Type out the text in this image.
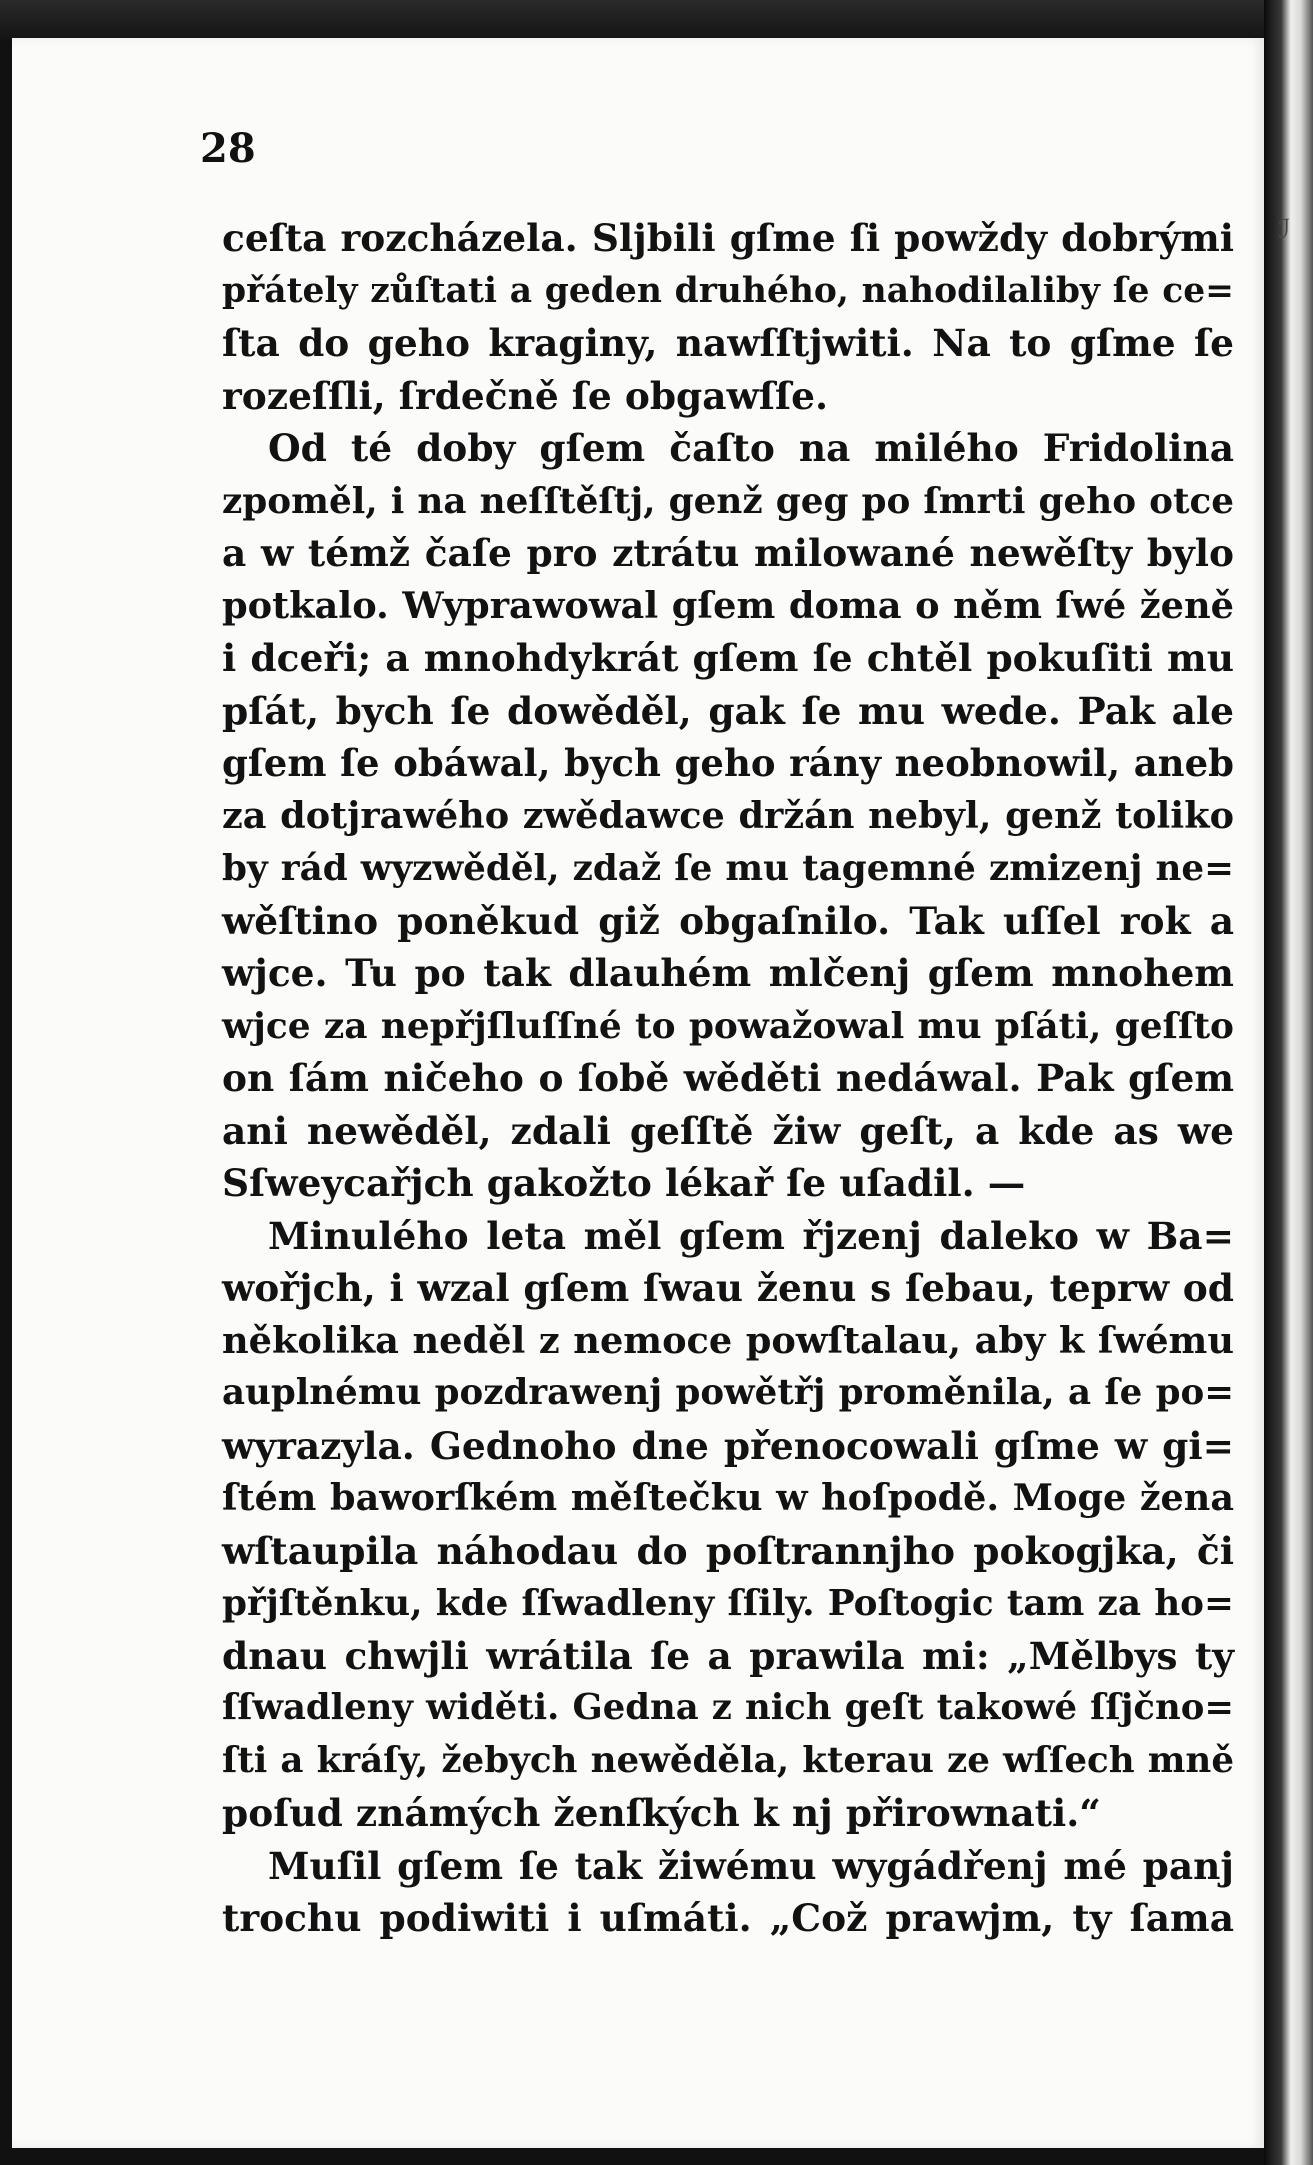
ℐ
28
ceſta rozcházela. Sljbili gſme ſi powždy dobrými
přátely zůſtati a geden druhého, nahodilaliby ſe ce=
ſta do geho kraginy, nawſſtjwiti. Na to gſme ſe
rozeſſli, ſrdečně ſe obgawſſe.
Od té doby gſem čaſto na milého Fridolina
zpoměl, i na neſſtěſtj, genž geg po ſmrti geho otce
a w témž čaſe pro ztrátu milowané newěſty bylo
potkalo. Wyprawowal gſem doma o něm ſwé ženě
i dceři; a mnohdykrát gſem ſe chtěl pokuſiti mu
pſát, bych ſe dowěděl, gak ſe mu wede. Pak ale
gſem ſe obáwal, bych geho rány neobnowil, aneb
za dotjrawého zwědawce držán nebyl, genž toliko
by rád wyzwěděl, zdaž ſe mu tagemné zmizenj ne=
wěſtino poněkud giž obgaſnilo. Tak uſſel rok a
wjce. Tu po tak dlauhém mlčenj gſem mnohem
wjce za nepřjſluſſné to powažowal mu pſáti, geſſto
on ſám ničeho o ſobě wěděti nedáwal. Pak gſem
ani newěděl, zdali geſſtě žiw geſt, a kde as we
Sſweycařjch gakožto lékař ſe uſadil. —
Minulého leta měl gſem řjzenj daleko w Ba=
wořjch, i wzal gſem ſwau ženu s ſebau, teprw od
několika neděl z nemoce powſtalau, aby k ſwému
auplnému pozdrawenj powětřj proměnila, a ſe po=
wyrazyla. Gednoho dne přenocowali gſme w gi=
ſtém baworſkém měſtečku w hoſpodě. Moge žena
wſtaupila náhodau do poſtrannjho pokogjka, či
přjſtěnku, kde ſſwadleny ſſily. Poſtogic tam za ho=
dnau chwjli wrátila ſe a prawila mi: „Mělbys ty
ſſwadleny widěti. Gedna z nich geſt takowé ſſjčno=
ſti a kráſy, žebych newěděla, kterau ze wſſech mně
poſud známých ženſkých k nj přirownati.“
Muſil gſem ſe tak žiwému wygádřenj mé panj
trochu podiwiti i uſmáti. „Což prawjm, ty ſama
